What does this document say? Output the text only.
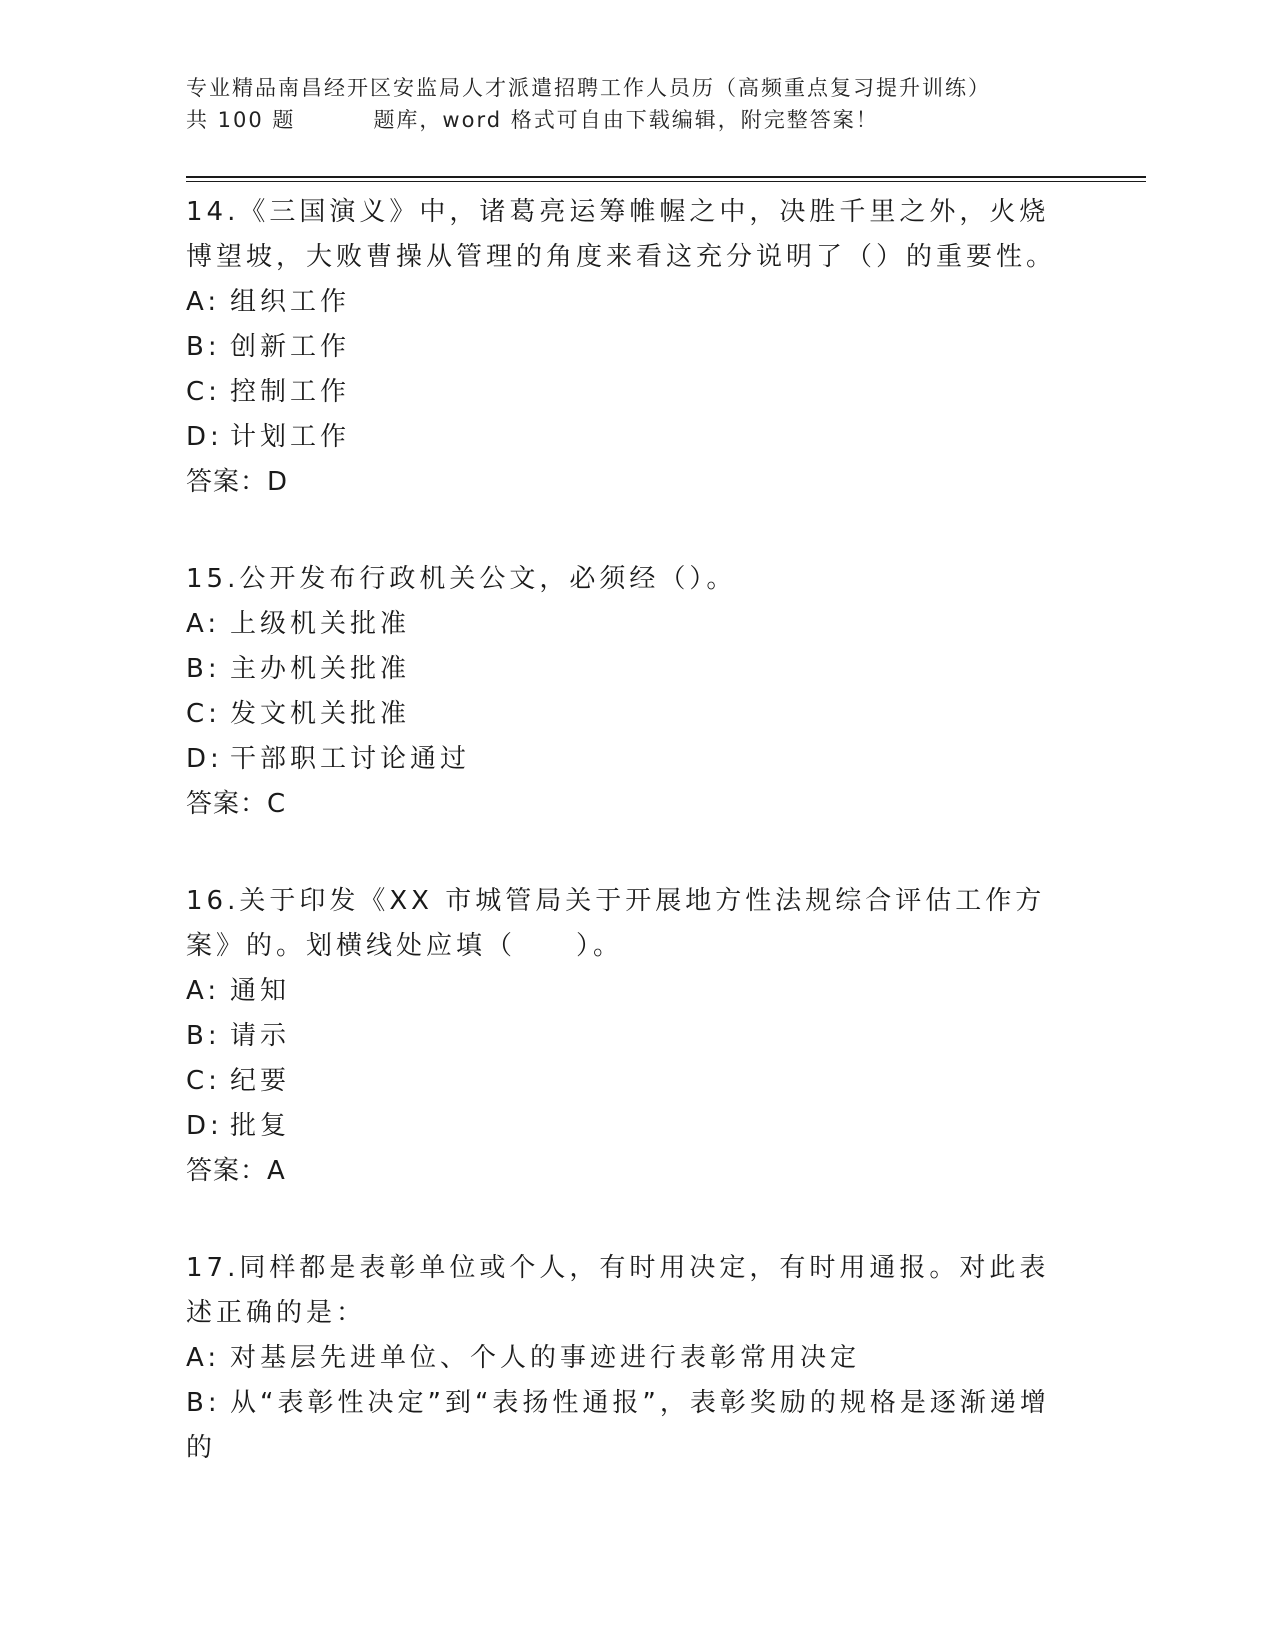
专业精品南昌经开区安监局人才派遣招聘工作人员历（高频重点复习提升训练）
共 100 题	题库，word 格式可自由下载编辑，附完整答案！

14.《三国演义》中，诸葛亮运筹帷幄之中，决胜千里之外，火烧博望坡，大败曹操从管理的角度来看这充分说明了（）的重要性。

A: 组织工作

B: 创新工作

C: 控制工作

D: 计划工作

答案：D

15.公开发布行政机关公文，必须经（）。

A: 上级机关批准

B: 主办机关批准

C: 发文机关批准

D: 干部职工讨论通过

答案：C

16.关于印发《XX 市城管局关于开展地方性法规综合评估工作方案》的。划横线处应填（　　）。

A: 通知

B: 请示

C: 纪要

D: 批复

答案：A

17.同样都是表彰单位或个人，有时用决定，有时用通报。对此表述正确的是：

A: 对基层先进单位、个人的事迹进行表彰常用决定

B: 从“表彰性决定”到“表扬性通报”，表彰奖励的规格是逐渐递增的
